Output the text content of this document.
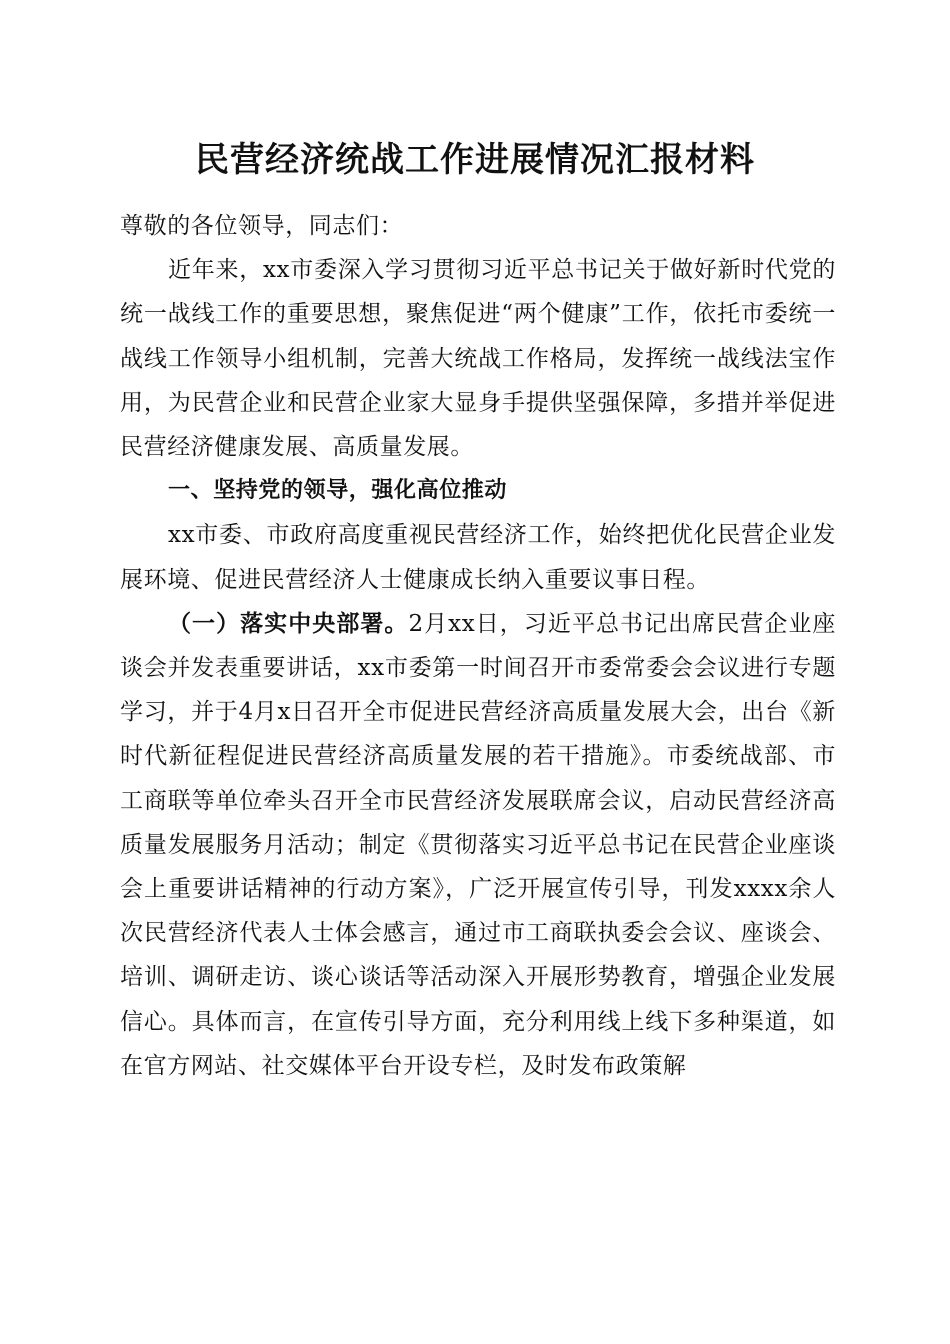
民营经济统战工作进展情况汇报材料

尊敬的各位领导，同志们：

近年来，xx市委深入学习贯彻习近平总书记关于做好新时代党的统一战线工作的重要思想，聚焦促进“两个健康”工作，依托市委统一战线工作领导小组机制，完善大统战工作格局，发挥统一战线法宝作用，为民营企业和民营企业家大显身手提供坚强保障，多措并举促进民营经济健康发展、高质量发展。

一、坚持党的领导，强化高位推动

xx市委、市政府高度重视民营经济工作，始终把优化民营企业发展环境、促进民营经济人士健康成长纳入重要议事日程。

（一）落实中央部署。2月xx日，习近平总书记出席民营企业座谈会并发表重要讲话，xx市委第一时间召开市委常委会会议进行专题学习，并于4月x日召开全市促进民营经济高质量发展大会，出台《新时代新征程促进民营经济高质量发展的若干措施》。市委统战部、市工商联等单位牵头召开全市民营经济发展联席会议，启动民营经济高质量发展服务月活动；制定《贯彻落实习近平总书记在民营企业座谈会上重要讲话精神的行动方案》，广泛开展宣传引导，刊发xxxx余人次民营经济代表人士体会感言，通过市工商联执委会会议、座谈会、培训、调研走访、谈心谈话等活动深入开展形势教育，增强企业发展信心。具体而言，在宣传引导方面，充分利用线上线下多种渠道，如在官方网站、社交媒体平台开设专栏，及时发布政策解
